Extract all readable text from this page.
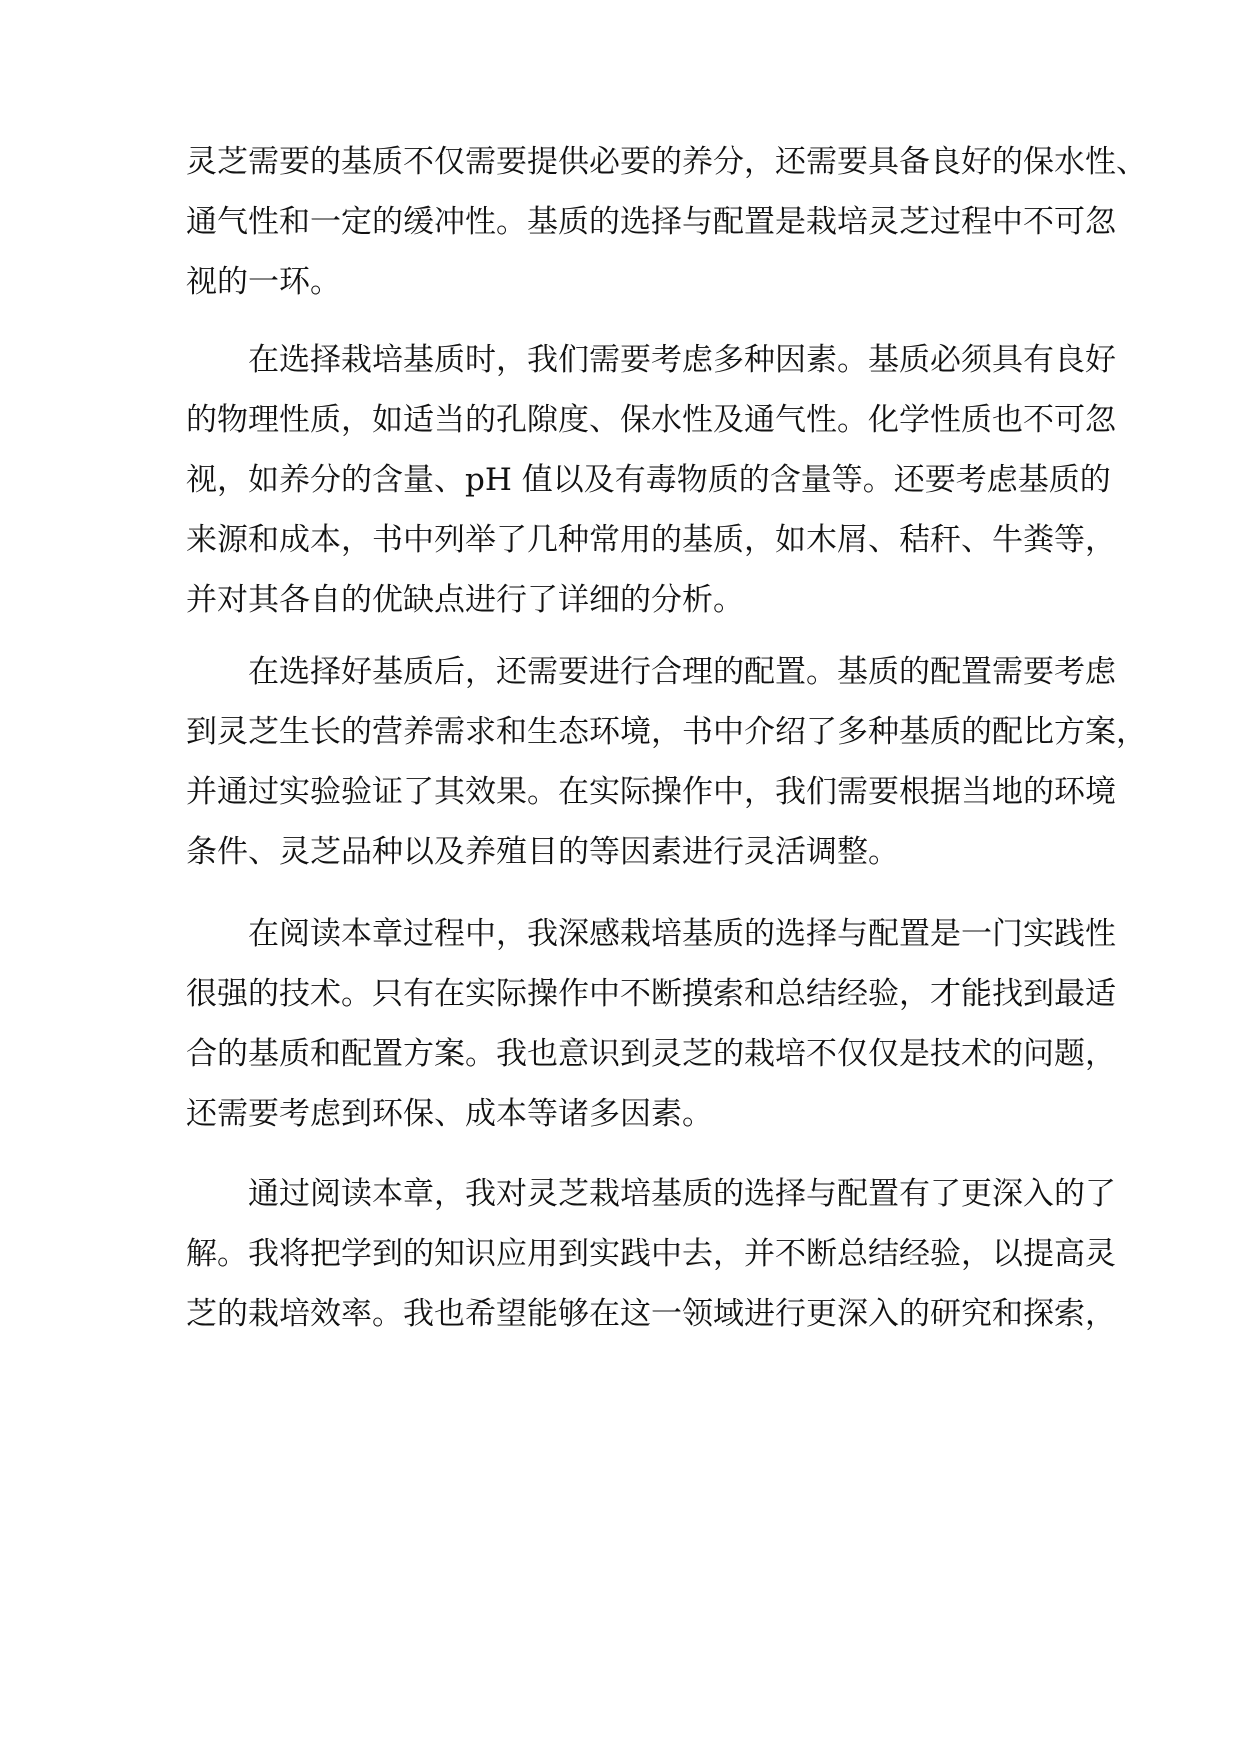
灵芝需要的基质不仅需要提供必要的养分，还需要具备良好的保水性、
通气性和一定的缓冲性。基质的选择与配置是栽培灵芝过程中不可忽
视的一环。
在选择栽培基质时，我们需要考虑多种因素。基质必须具有良好
的物理性质，如适当的孔隙度、保水性及通气性。化学性质也不可忽
视，如养分的含量、pH 值以及有毒物质的含量等。还要考虑基质的
来源和成本，书中列举了几种常用的基质，如木屑、秸秆、牛粪等，
并对其各自的优缺点进行了详细的分析。
在选择好基质后，还需要进行合理的配置。基质的配置需要考虑
到灵芝生长的营养需求和生态环境，书中介绍了多种基质的配比方案，
并通过实验验证了其效果。在实际操作中，我们需要根据当地的环境
条件、灵芝品种以及养殖目的等因素进行灵活调整。
在阅读本章过程中，我深感栽培基质的选择与配置是一门实践性
很强的技术。只有在实际操作中不断摸索和总结经验，才能找到最适
合的基质和配置方案。我也意识到灵芝的栽培不仅仅是技术的问题，
还需要考虑到环保、成本等诸多因素。
通过阅读本章，我对灵芝栽培基质的选择与配置有了更深入的了
解。我将把学到的知识应用到实践中去，并不断总结经验，以提高灵
芝的栽培效率。我也希望能够在这一领域进行更深入的研究和探索，
